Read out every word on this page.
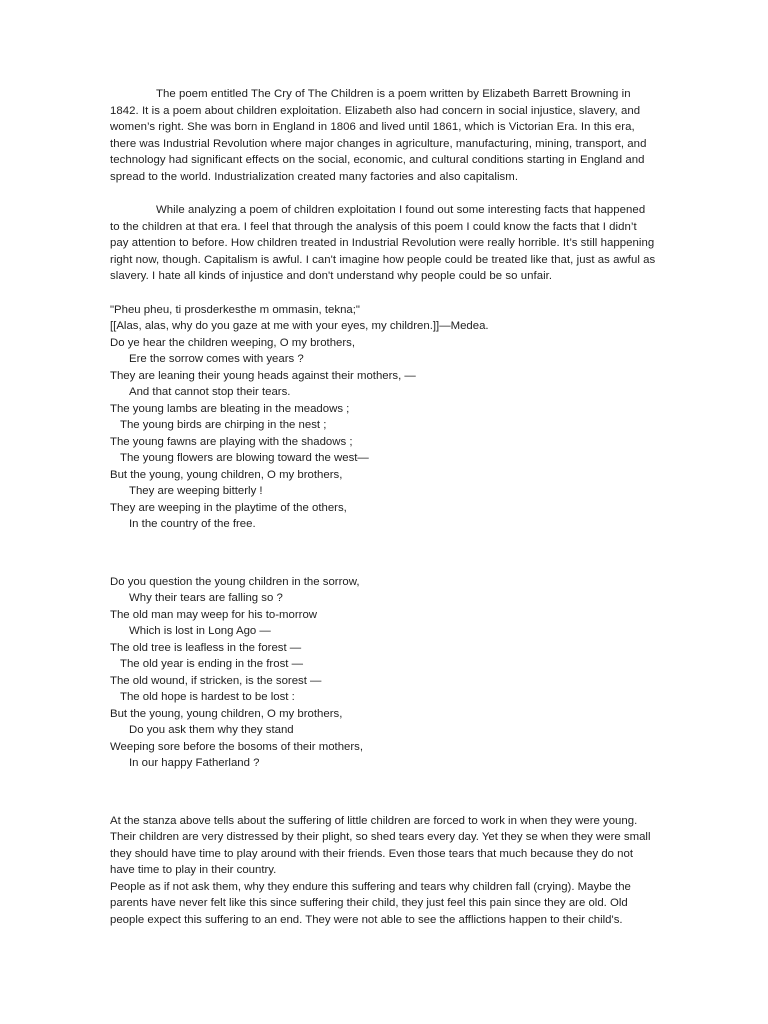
The poem entitled The Cry of The Children is a poem written by Elizabeth Barrett Browning in 1842. It is a poem about children exploitation. Elizabeth also had concern in social injustice, slavery, and women’s right. She was born in England in 1806 and lived until 1861, which is Victorian Era. In this era, there was Industrial Revolution where major changes in agriculture, manufacturing, mining, transport, and technology had significant effects on the social, economic, and cultural conditions starting in England and spread to the world. Industrialization created many factories and also capitalism.

While analyzing a poem of children exploitation I found out some interesting facts that happened to the children at that era. I feel that through the analysis of this poem I could know the facts that I didn’t pay attention to before. How children treated in Industrial Revolution were really horrible. It’s still happening right now, though. Capitalism is awful. I can't imagine how people could be treated like that, just as awful as slavery. I hate all kinds of injustice and don't understand why people could be so unfair.

"Pheu pheu, ti prosderkesthe m ommasin, tekna;"

[[Alas, alas, why do you gaze at me with your eyes, my children.]]—Medea.

Do ye hear the children weeping, O my brothers,

Ere the sorrow comes with years ?

They are leaning their young heads against their mothers, —

And that cannot stop their tears.

The young lambs are bleating in the meadows ;

The young birds are chirping in the nest ;

The young fawns are playing with the shadows ;

The young flowers are blowing toward the west—

But the young, young children, O my brothers,

They are weeping bitterly !

They are weeping in the playtime of the others,

In the country of the free.

Do you question the young children in the sorrow,

Why their tears are falling so ?

The old man may weep for his to-morrow

Which is lost in Long Ago —

The old tree is leafless in the forest —

The old year is ending in the frost —

The old wound, if stricken, is the sorest —

The old hope is hardest to be lost :

But the young, young children, O my brothers,

Do you ask them why they stand

Weeping sore before the bosoms of their mothers,

In our happy Fatherland ?

At the stanza above tells about the suffering of little children are forced to work in when they were young. Their children are very distressed by their plight, so shed tears every day. Yet they se when they were small they should have time to play around with their friends. Even those tears that much because they do not have time to play in their country.

People as if not ask them, why they endure this suffering and tears why children fall (crying). Maybe the parents have never felt like this since suffering their child, they just feel this pain since they are old. Old people expect this suffering to an end. They were not able to see the afflictions happen to their child's.
